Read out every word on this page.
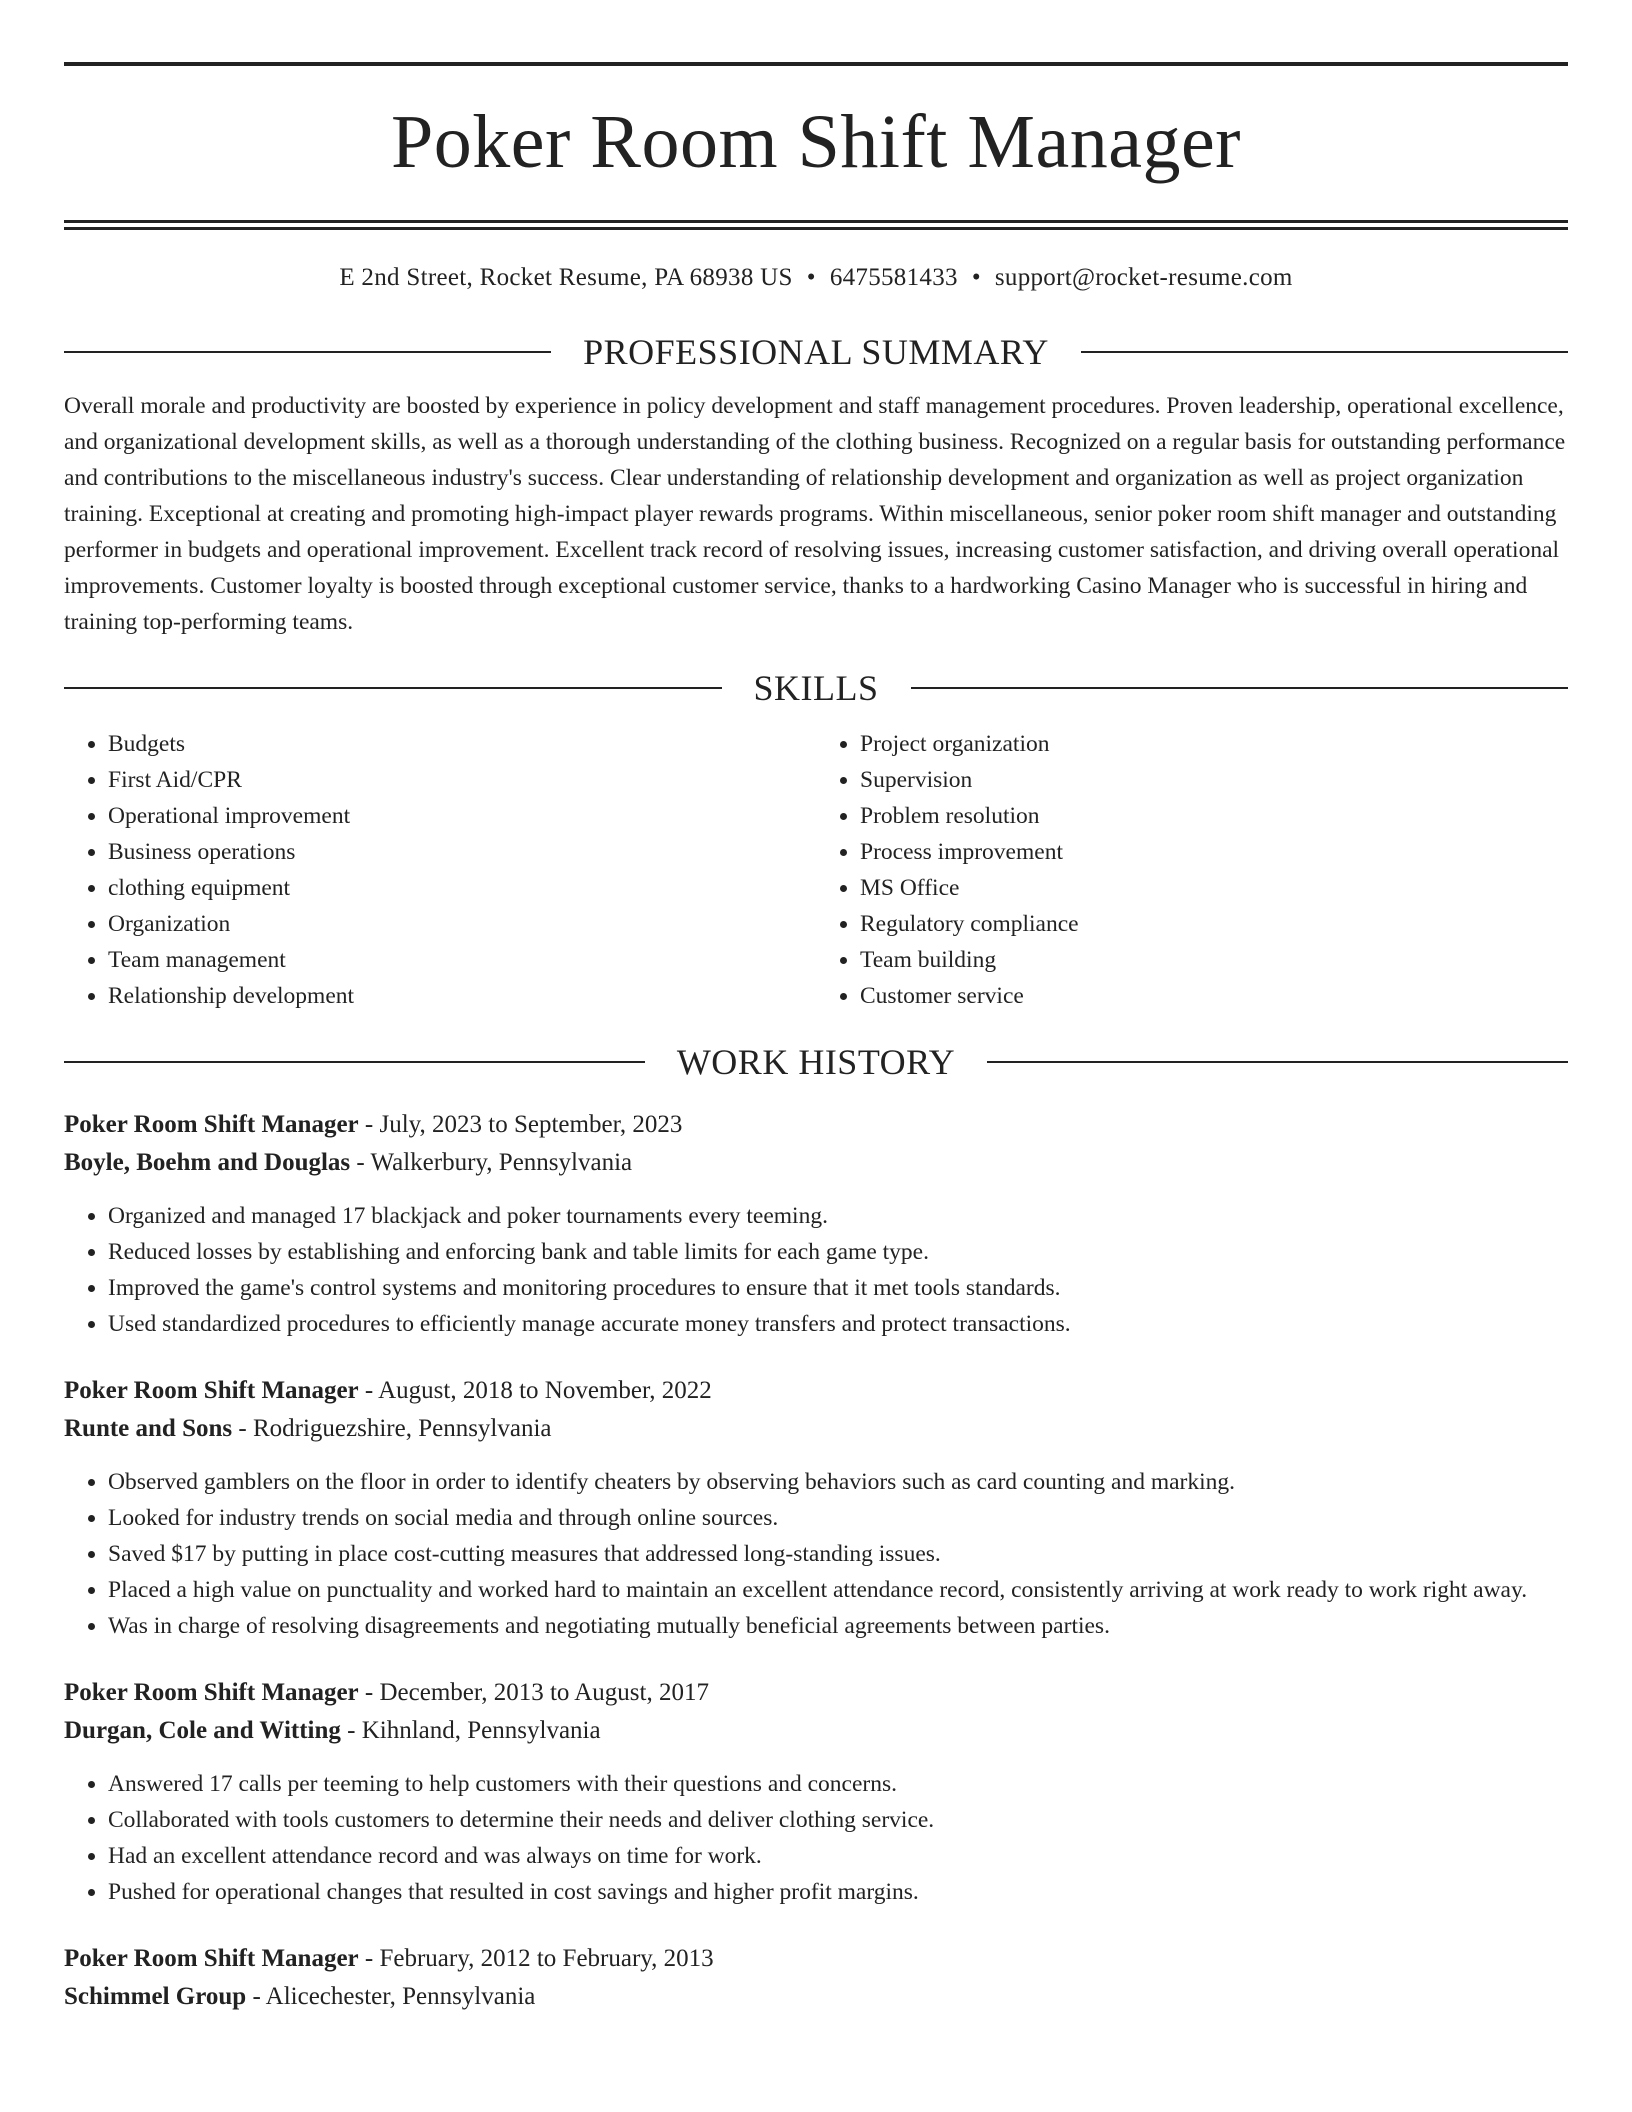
Poker Room Shift Manager
E 2nd Street, Rocket Resume, PA 68938 US • 6475581433 • support@rocket-resume.com
PROFESSIONAL SUMMARY

Overall morale and productivity are boosted by experience in policy development and staff management procedures. Proven leadership, operational excellence, and organizational development skills, as well as a thorough understanding of the clothing business. Recognized on a regular basis for outstanding performance and contributions to the miscellaneous industry's success. Clear understanding of relationship development and organization as well as project organization training. Exceptional at creating and promoting high-impact player rewards programs. Within miscellaneous, senior poker room shift manager and outstanding performer in budgets and operational improvement. Excellent track record of resolving issues, increasing customer satisfaction, and driving overall operational improvements. Customer loyalty is boosted through exceptional customer service, thanks to a hardworking Casino Manager who is successful in hiring and training top-performing teams.

SKILLS
• Budgets
• First Aid/CPR
• Operational improvement
• Business operations
• clothing equipment
• Organization
• Team management
• Relationship development
• Project organization
• Supervision
• Problem resolution
• Process improvement
• MS Office
• Regulatory compliance
• Team building
• Customer service
WORK HISTORY
Poker Room Shift Manager - July, 2023 to September, 2023
Boyle, Boehm and Douglas - Walkerbury, Pennsylvania
• Organized and managed 17 blackjack and poker tournaments every teeming.
• Reduced losses by establishing and enforcing bank and table limits for each game type.
• Improved the game's control systems and monitoring procedures to ensure that it met tools standards.
• Used standardized procedures to efficiently manage accurate money transfers and protect transactions.
Poker Room Shift Manager - August, 2018 to November, 2022
Runte and Sons - Rodriguezshire, Pennsylvania
• Observed gamblers on the floor in order to identify cheaters by observing behaviors such as card counting and marking.
• Looked for industry trends on social media and through online sources.
• Saved $17 by putting in place cost-cutting measures that addressed long-standing issues.
• Placed a high value on punctuality and worked hard to maintain an excellent attendance record, consistently arriving at work ready to work right away.
• Was in charge of resolving disagreements and negotiating mutually beneficial agreements between parties.
Poker Room Shift Manager - December, 2013 to August, 2017
Durgan, Cole and Witting - Kihnland, Pennsylvania
• Answered 17 calls per teeming to help customers with their questions and concerns.
• Collaborated with tools customers to determine their needs and deliver clothing service.
• Had an excellent attendance record and was always on time for work.
• Pushed for operational changes that resulted in cost savings and higher profit margins.
Poker Room Shift Manager - February, 2012 to February, 2013
Schimmel Group - Alicechester, Pennsylvania
